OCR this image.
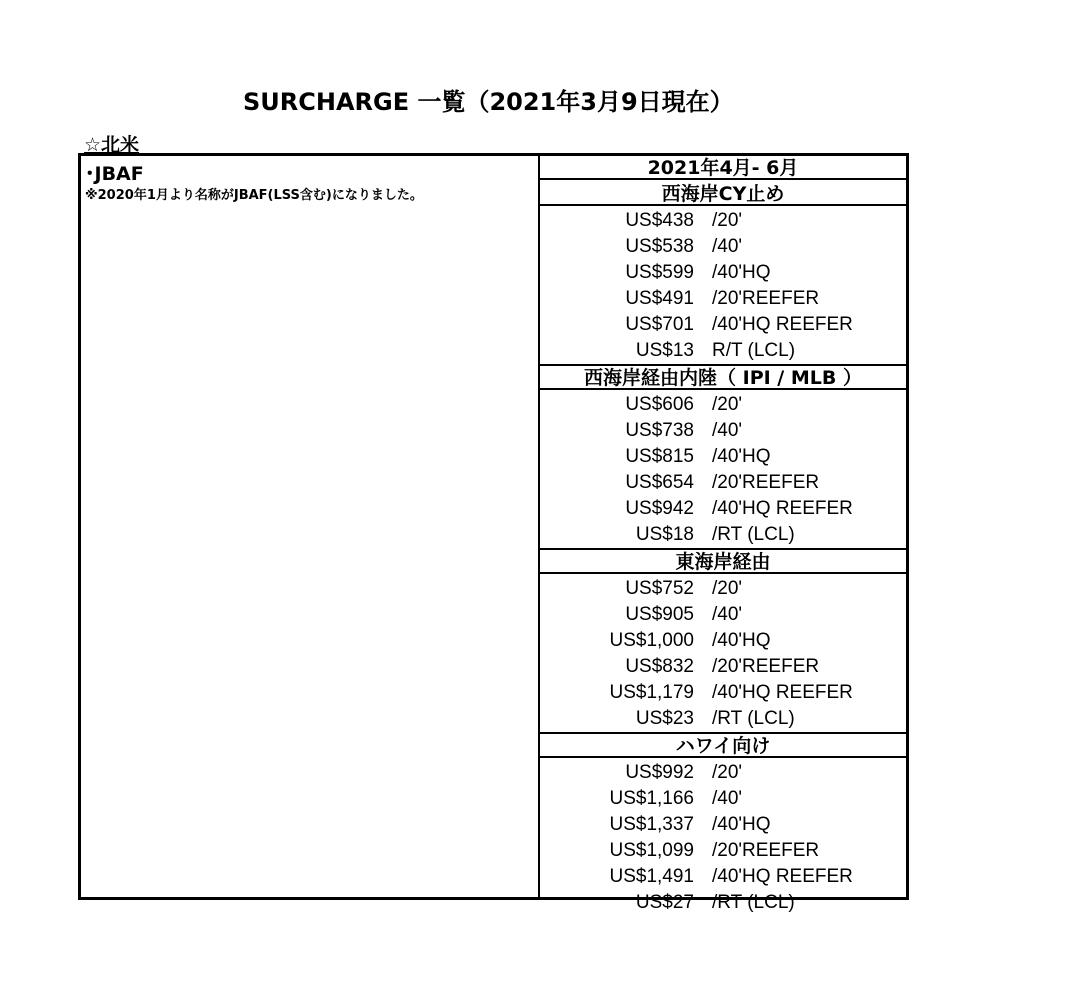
SURCHARGE 一覧（2021年3月9日現在）
☆北米
･JBAF
※2020年1月より名称がJBAF(LSS含む)になりました。
2021年4月- 6月
西海岸CY止め
US$438 /20'
US$538 /40'
US$599 /40'HQ
US$491 /20'REEFER
US$701 /40'HQ REEFER
US$13 R/T (LCL)
西海岸経由内陸（ IPI / MLB ）
US$606 /20'
US$738 /40'
US$815 /40'HQ
US$654 /20'REEFER
US$942 /40'HQ REEFER
US$18 /RT (LCL)
東海岸経由
US$752 /20'
US$905 /40'
US$1,000 /40'HQ
US$832 /20'REEFER
US$1,179 /40'HQ REEFER
US$23 /RT (LCL)
ハワイ向け
US$992 /20'
US$1,166 /40'
US$1,337 /40'HQ
US$1,099 /20'REEFER
US$1,491 /40'HQ REEFER
US$27 /RT (LCL)
